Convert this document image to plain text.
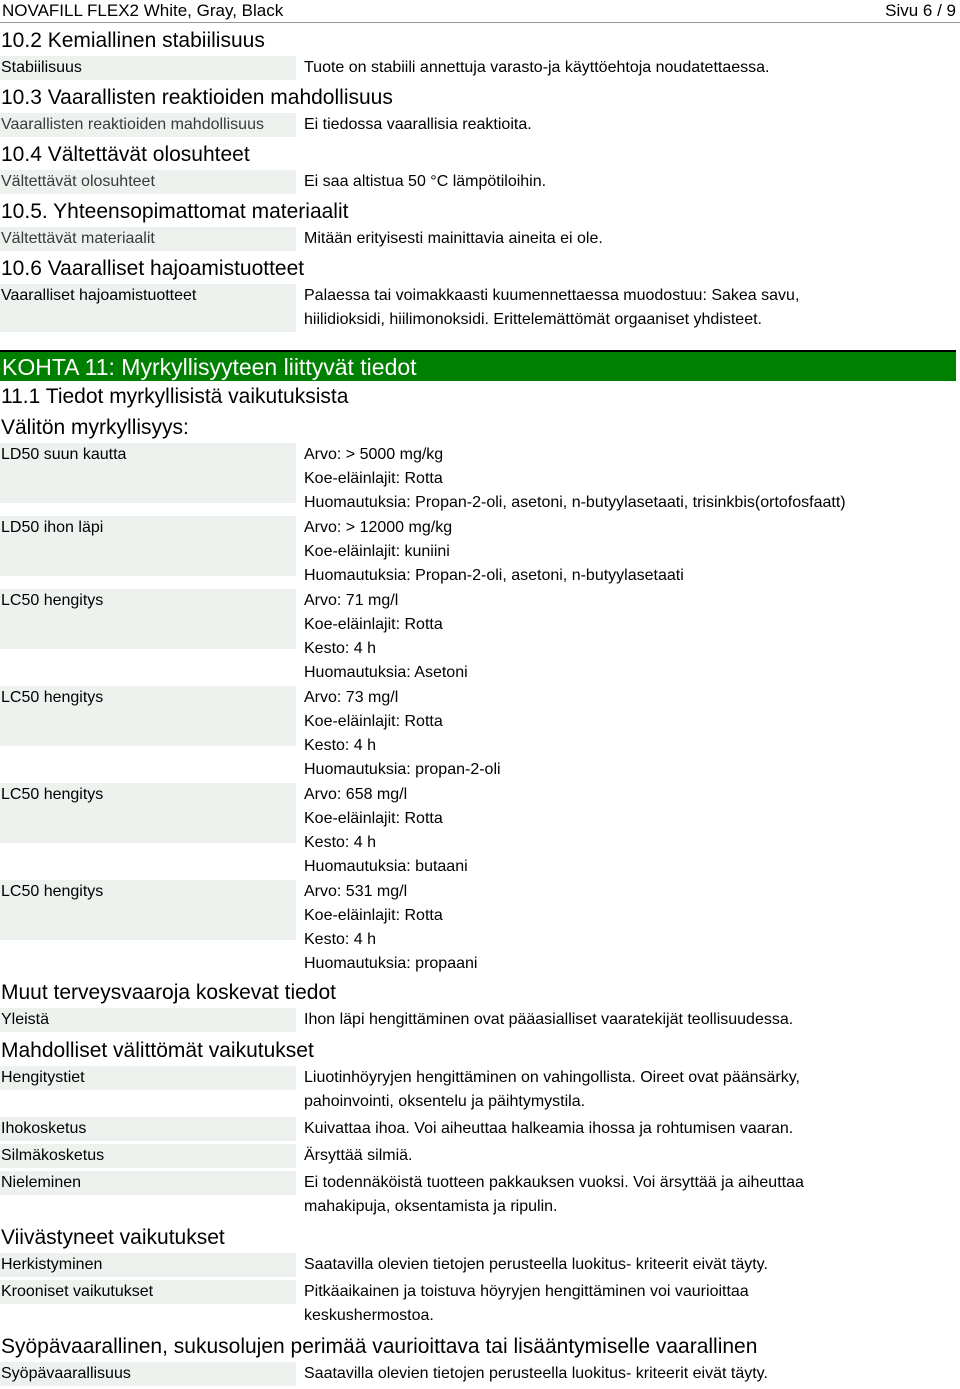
NOVAFILL FLEX2 White, Gray, Black	Sivu 6 / 9
10.2 Kemiallinen stabiilisuus
Stabiilisuus	Tuote on stabiili annettuja varasto-ja käyttöehtoja noudatettaessa.
10.3 Vaarallisten reaktioiden mahdollisuus
Vaarallisten reaktioiden mahdollisuus	Ei tiedossa vaarallisia reaktioita.
10.4 Vältettävät olosuhteet
Vältettävät olosuhteet	Ei saa altistua 50 °C lämpötiloihin.
10.5. Yhteensopimattomat materiaalit
Vältettävät materiaalit	Mitään erityisesti mainittavia aineita ei ole.
10.6 Vaaralliset hajoamistuotteet
Vaaralliset hajoamistuotteet	Palaessa tai voimakkaasti kuumennettaessa muodostuu: Sakea savu,
hiilidioksidi, hiilimonoksidi. Erittelemättömät orgaaniset yhdisteet.
KOHTA 11: Myrkyllisyyteen liittyvät tiedot
11.1 Tiedot myrkyllisistä vaikutuksista
Välitön myrkyllisyys:
LD50 suun kautta	Arvo: > 5000 mg/kg
Koe-eläinlajit: Rotta
Huomautuksia: Propan-2-oli, asetoni, n-butyylasetaati, trisinkbis(ortofosfaatt)
LD50 ihon läpi	Arvo: > 12000 mg/kg
Koe-eläinlajit: kuniini
Huomautuksia: Propan-2-oli, asetoni, n-butyylasetaati
LC50 hengitys	Arvo: 71 mg/l
Koe-eläinlajit: Rotta
Kesto: 4 h
Huomautuksia: Asetoni
LC50 hengitys	Arvo: 73 mg/l
Koe-eläinlajit: Rotta
Kesto: 4 h
Huomautuksia: propan-2-oli
LC50 hengitys	Arvo: 658 mg/l
Koe-eläinlajit: Rotta
Kesto: 4 h
Huomautuksia: butaani
LC50 hengitys	Arvo: 531 mg/l
Koe-eläinlajit: Rotta
Kesto: 4 h
Huomautuksia: propaani
Muut terveysvaaroja koskevat tiedot
Yleistä	Ihon läpi hengittäminen ovat pääasialliset vaaratekijät teollisuudessa.
Mahdolliset välittömät vaikutukset
Hengitystiet	Liuotinhöyryjen hengittäminen on vahingollista. Oireet ovat päänsärky,
pahoinvointi, oksentelu ja päihtymystila.
Ihokosketus	Kuivattaa ihoa. Voi aiheuttaa halkeamia ihossa ja rohtumisen vaaran.
Silmäkosketus	Ärsyttää silmiä.
Nieleminen	Ei todennäköistä tuotteen pakkauksen vuoksi. Voi ärsyttää ja aiheuttaa
mahakipuja, oksentamista ja ripulin.
Viivästyneet vaikutukset
Herkistyminen	Saatavilla olevien tietojen perusteella luokitus- kriteerit eivät täyty.
Krooniset vaikutukset	Pitkäaikainen ja toistuva höyryjen hengittäminen voi vaurioittaa
keskushermostoa.
Syöpävaarallinen, sukusolujen perimää vaurioittava tai lisääntymiselle vaarallinen
Syöpävaarallisuus	Saatavilla olevien tietojen perusteella luokitus- kriteerit eivät täyty.
